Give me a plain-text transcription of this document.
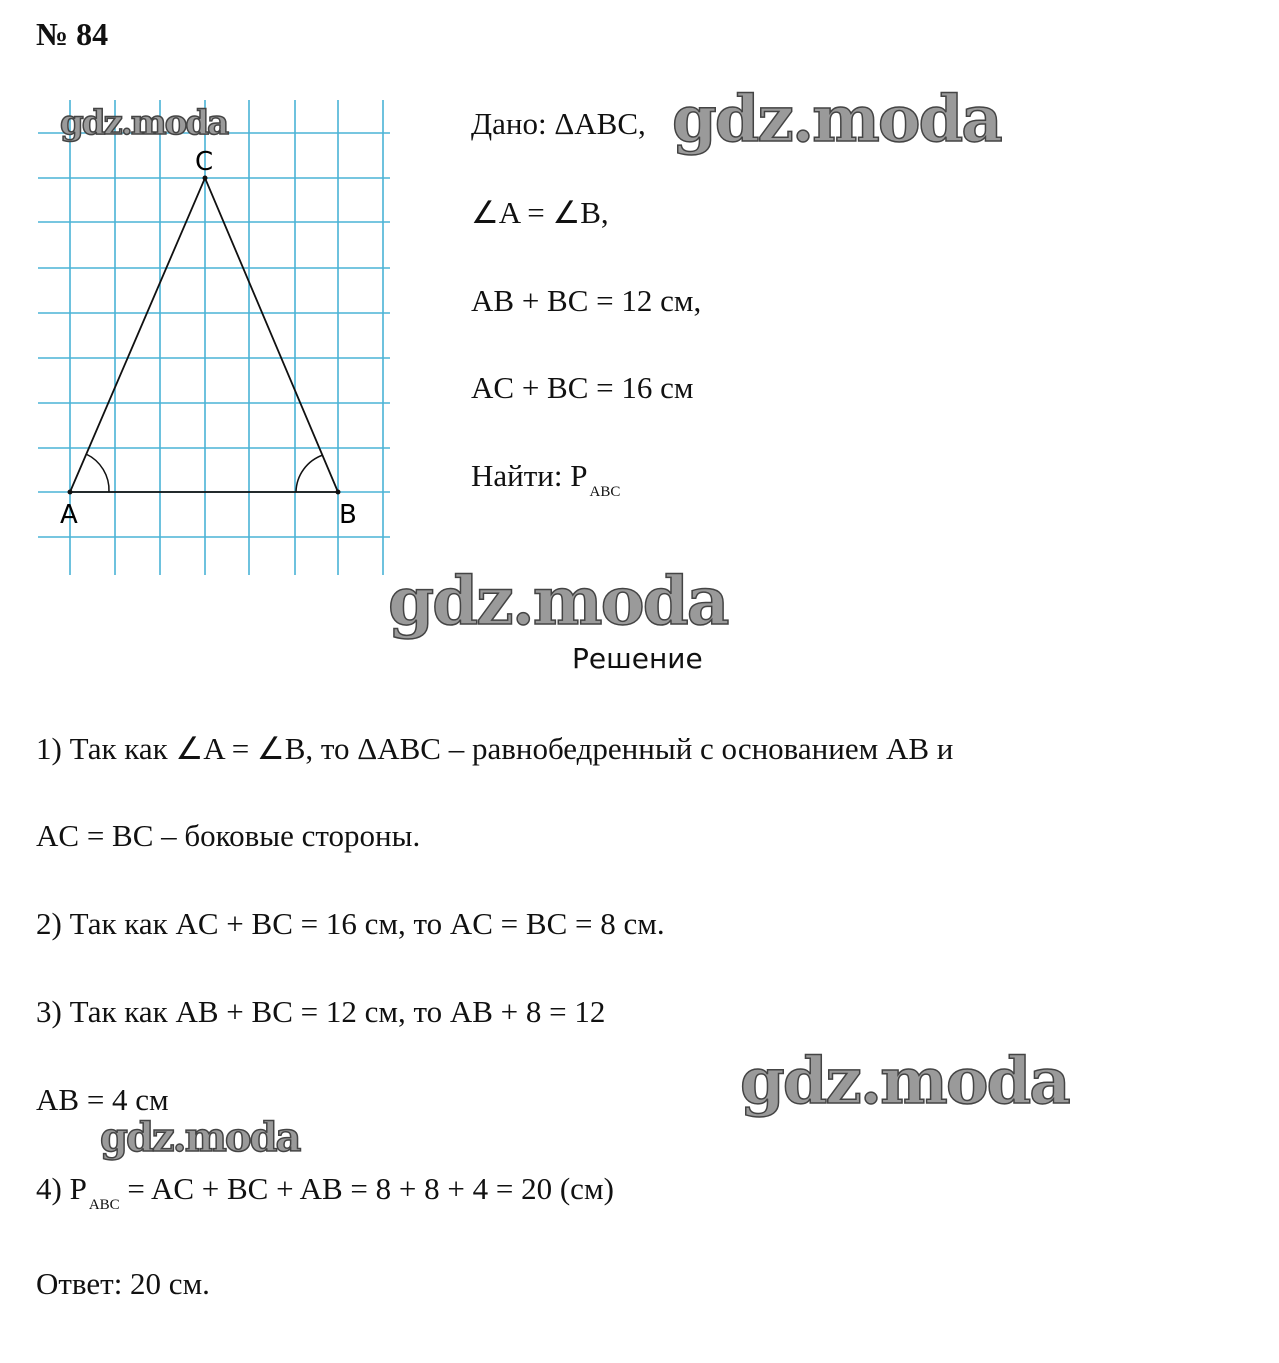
№ 84
C
A	B
Дано: ΔABC,
∠A = ∠B,
AB + BC = 12 см,
AC + BC = 16 см
Найти: P $_{ABC}$
Решение
1) Так как ∠A = ∠B, то ΔABC – равнобедренный с основанием AB и
AC = BC – боковые стороны.
2) Так как AC + BC = 16 см, то AC = BC = 8 см.
3) Так как AB + BC = 12 см, то AB + 8 = 12
AB = 4 см
4) P $_{ABC}$ = AC + BC + AB = 8 + 8 + 4 = 20 (см)
Ответ: 20 см.
gdz.moda	gdz.moda
gdz.moda
gdz.moda
gdz.moda
